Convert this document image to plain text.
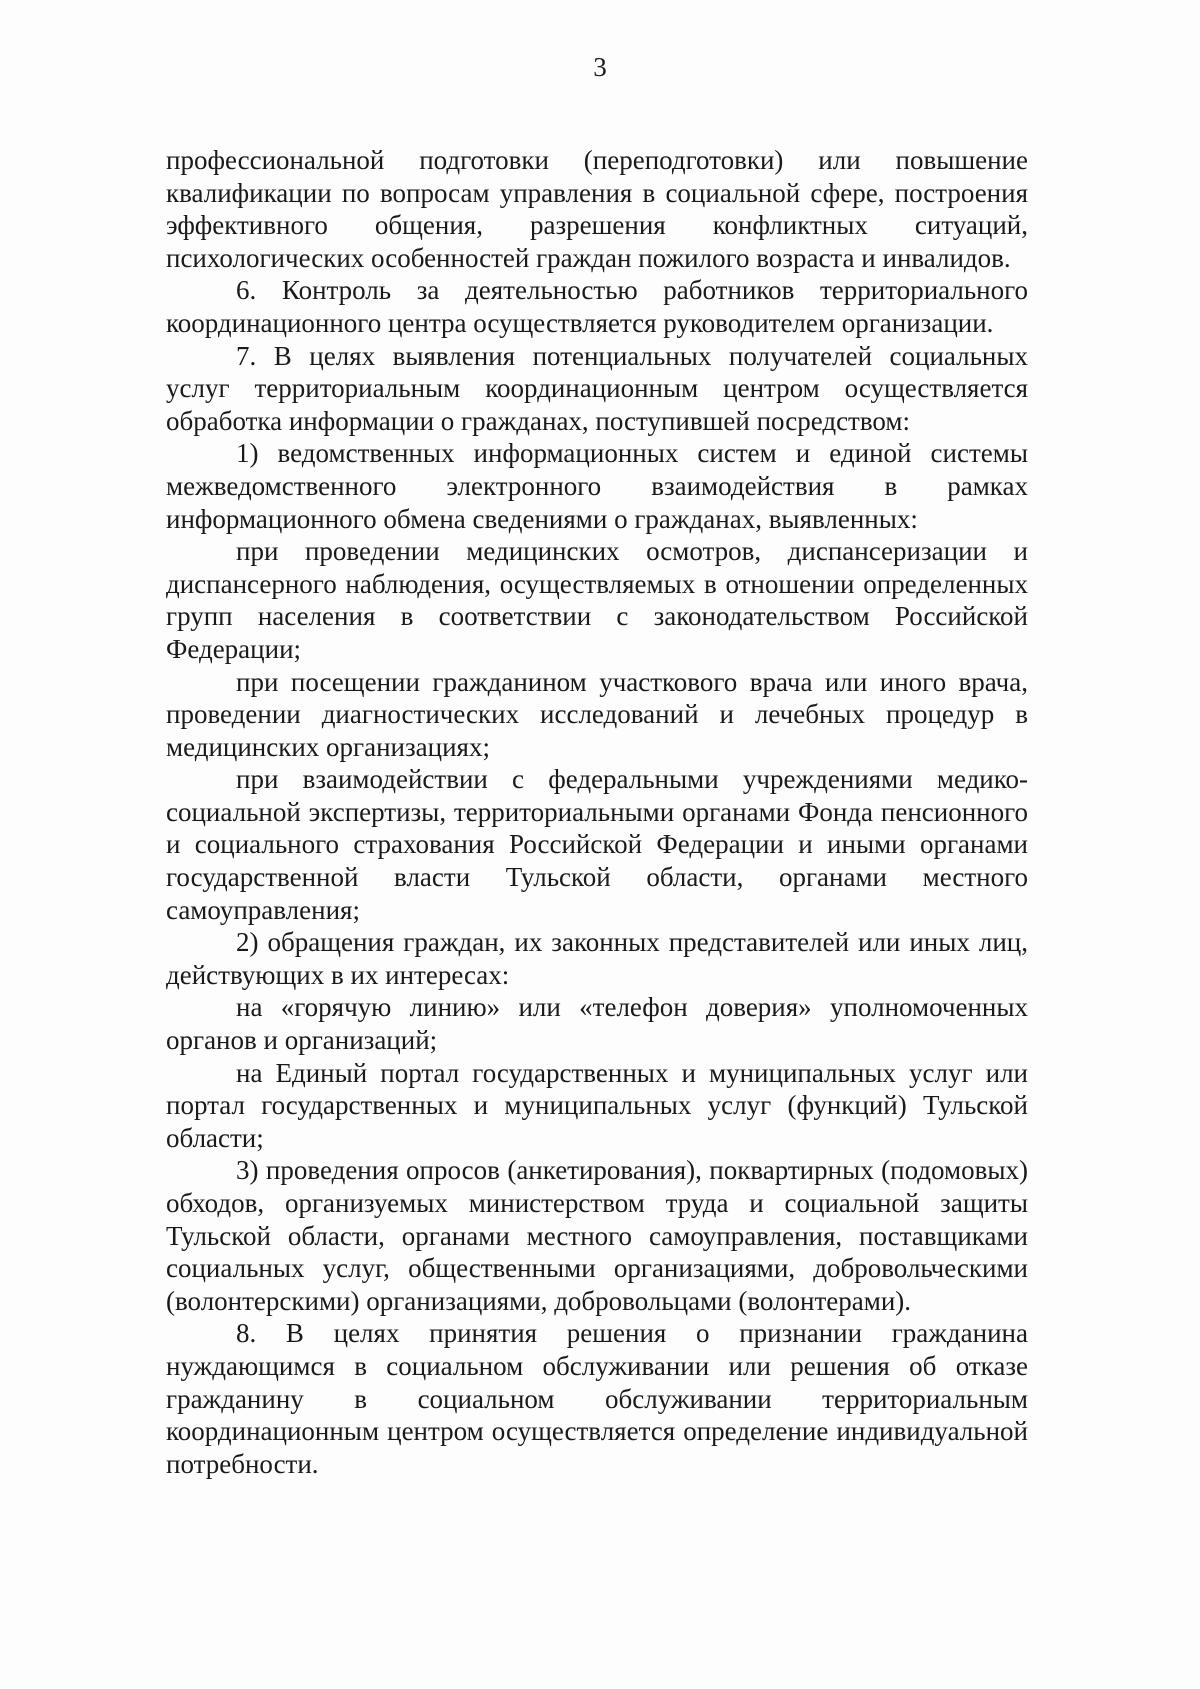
3

профессиональной подготовки (переподготовки) или повышение квалификации по вопросам управления в социальной сфере, построения эффективного общения, разрешения конфликтных ситуаций, психологических особенностей граждан пожилого возраста и инвалидов.

6. Контроль за деятельностью работников территориального координационного центра осуществляется руководителем организации.

7. В целях выявления потенциальных получателей социальных услуг территориальным координационным центром осуществляется обработка информации о гражданах, поступившей посредством:

1) ведомственных информационных систем и единой системы межведомственного электронного взаимодействия в рамках информационного обмена сведениями о гражданах, выявленных:

при проведении медицинских осмотров, диспансеризации и диспансерного наблюдения, осуществляемых в отношении определенных групп населения в соответствии с законодательством Российской Федерации;

при посещении гражданином участкового врача или иного врача, проведении диагностических исследований и лечебных процедур в медицинских организациях;

при взаимодействии с федеральными учреждениями медико-социальной экспертизы, территориальными органами Фонда пенсионного и социального страхования Российской Федерации и иными органами государственной власти Тульской области, органами местного самоуправления;

2) обращения граждан, их законных представителей или иных лиц, действующих в их интересах:

на «горячую линию» или «телефон доверия» уполномоченных органов и организаций;

на Единый портал государственных и муниципальных услуг или портал государственных и муниципальных услуг (функций) Тульской области;

3) проведения опросов (анкетирования), поквартирных (подомовых) обходов, организуемых министерством труда и социальной защиты Тульской области, органами местного самоуправления, поставщиками социальных услуг, общественными организациями, добровольческими (волонтерскими) организациями, добровольцами (волонтерами).

8. В целях принятия решения о признании гражданина нуждающимся в социальном обслуживании или решения об отказе гражданину в социальном обслуживании территориальным координационным центром осуществляется определение индивидуальной потребности.
